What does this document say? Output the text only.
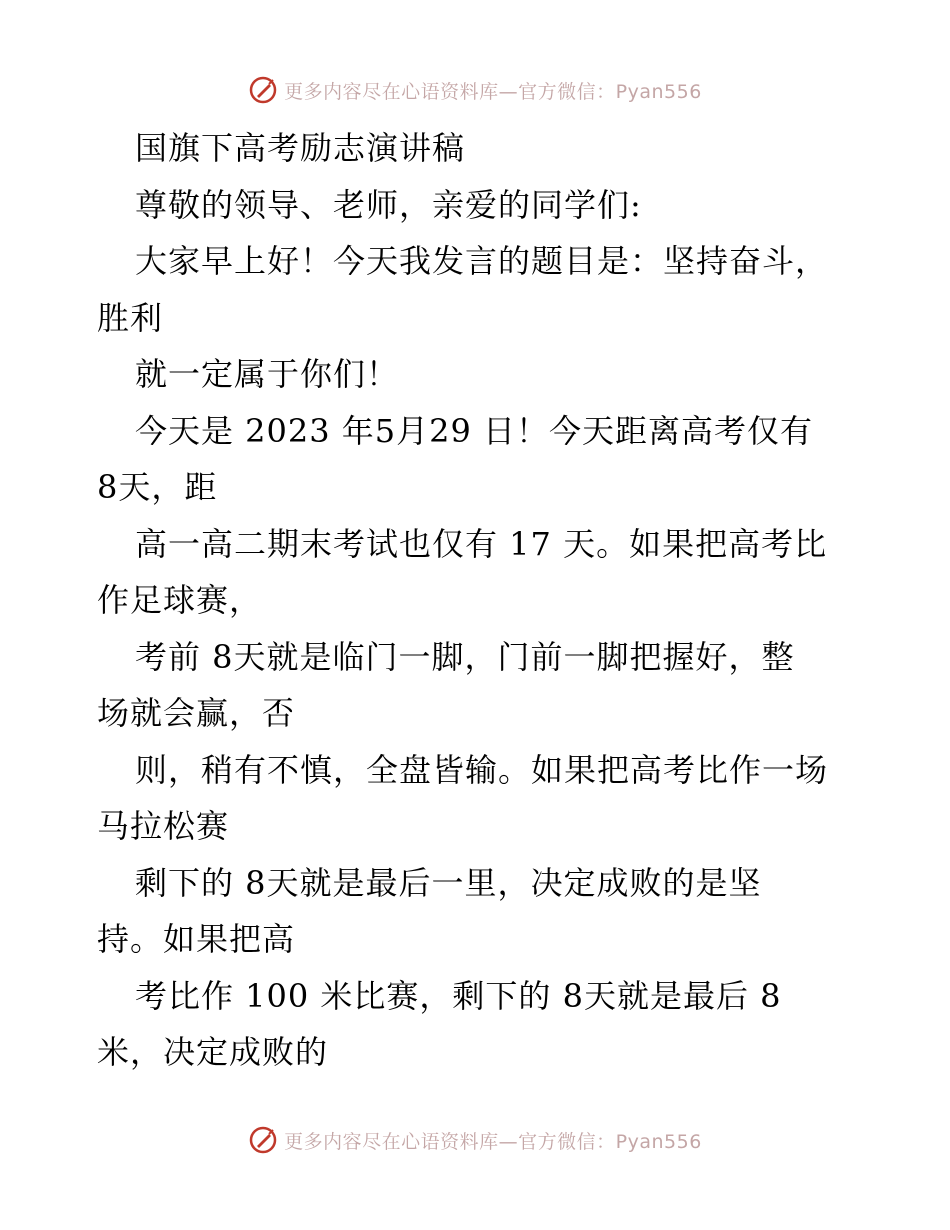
更多内容尽在心语资料库—官方微信：Pyan556
国旗下高考励志演讲稿
尊敬的领导、老师，亲爱的同学们:
大家早上好！今天我发言的题目是：坚持奋斗，
胜利
就一定属于你们！
今天是 2023 年5月29 日！今天距离高考仅有
8天，距
高一高二期末考试也仅有 17 天。如果把高考比
作足球赛，
考前 8天就是临门一脚，门前一脚把握好，整
场就会赢，否
则，稍有不慎，全盘皆输。如果把高考比作一场
马拉松赛
剩下的 8天就是最后一里，决定成败的是坚
持。如果把高
考比作 100 米比赛，剩下的 8天就是最后 8
米，决定成败的
更多内容尽在心语资料库—官方微信：Pyan556
